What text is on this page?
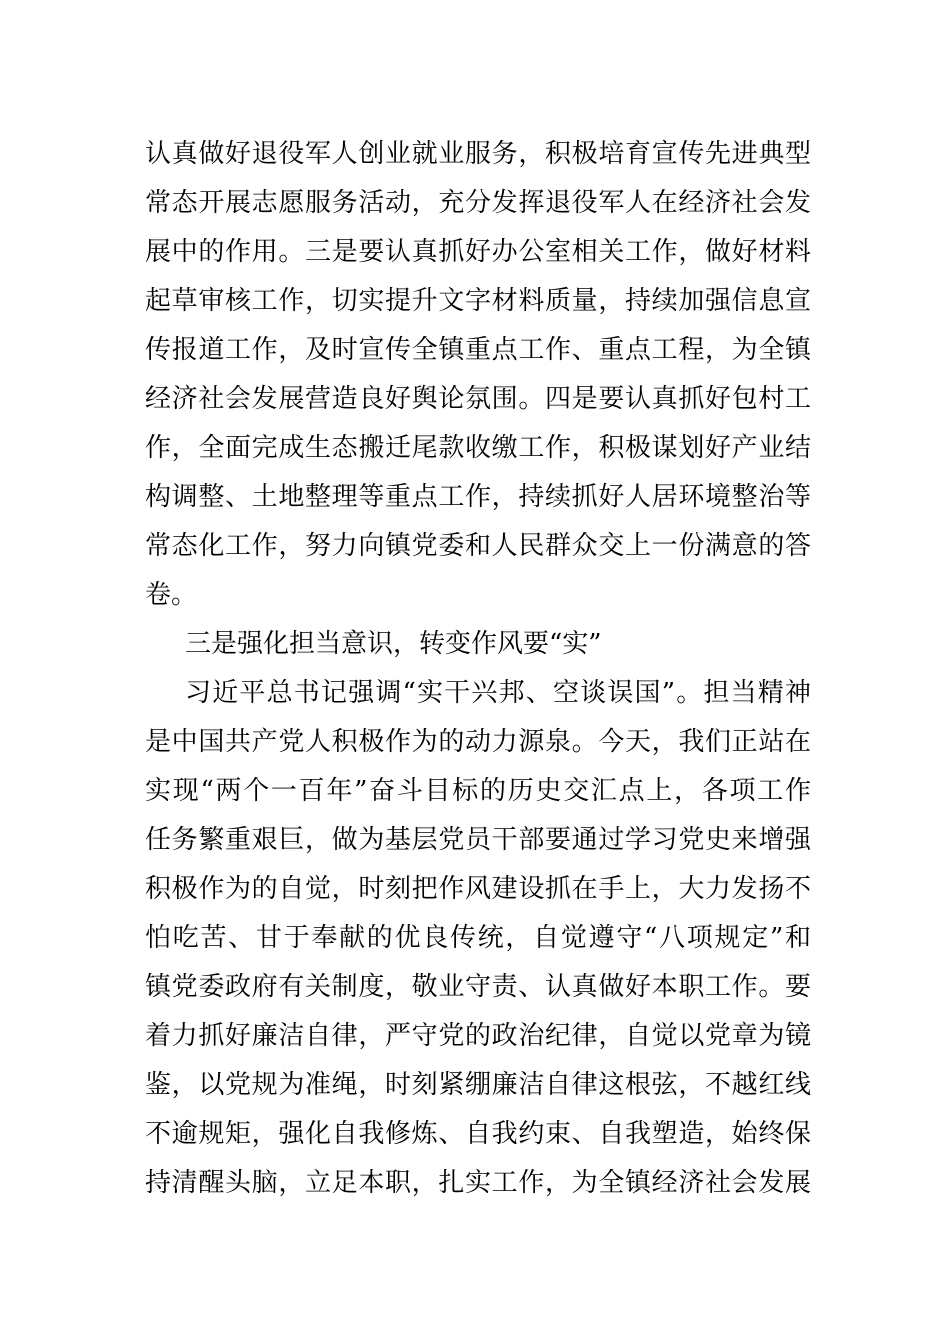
认真做好退役军人创业就业服务，积极培育宣传先进典型
常态开展志愿服务活动，充分发挥退役军人在经济社会发
展中的作用。三是要认真抓好办公室相关工作，做好材料
起草审核工作，切实提升文字材料质量，持续加强信息宣
传报道工作，及时宣传全镇重点工作、重点工程，为全镇
经济社会发展营造良好舆论氛围。四是要认真抓好包村工
作，全面完成生态搬迁尾款收缴工作，积极谋划好产业结
构调整、土地整理等重点工作，持续抓好人居环境整治等
常态化工作，努力向镇党委和人民群众交上一份满意的答
卷。
三是强化担当意识，转变作风要“实”
习近平总书记强调“实干兴邦、空谈误国”。担当精神
是中国共产党人积极作为的动力源泉。今天，我们正站在
实现“两个一百年”奋斗目标的历史交汇点上，各项工作
任务繁重艰巨，做为基层党员干部要通过学习党史来增强
积极作为的自觉，时刻把作风建设抓在手上，大力发扬不
怕吃苦、甘于奉献的优良传统，自觉遵守“八项规定”和
镇党委政府有关制度，敬业守责、认真做好本职工作。要
着力抓好廉洁自律，严守党的政治纪律，自觉以党章为镜
鉴，以党规为准绳，时刻紧绷廉洁自律这根弦，不越红线
不逾规矩，强化自我修炼、自我约束、自我塑造，始终保
持清醒头脑，立足本职，扎实工作，为全镇经济社会发展
